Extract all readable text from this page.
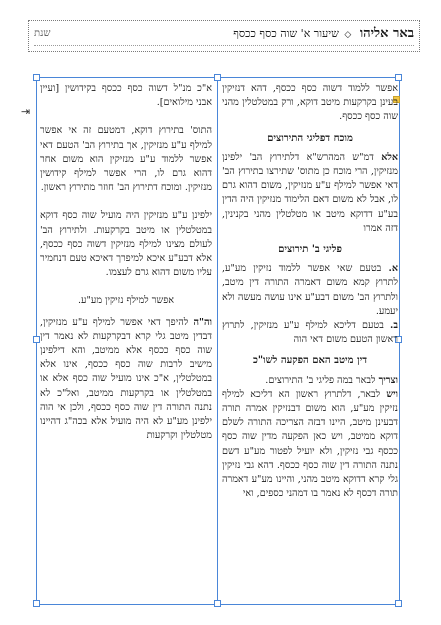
באר אליהו ◇ שיעור א' שוה כסף ככסף
שנת
⇥

אפשר ללמוד דשוה כסף ככסף, דהא דנזיקין בעינן בקרקעות מיטב דוקא, ורק במטלטלין מהני שוה כסף ככסף.

מוכח דפליגי התירוצים

אלא דמ"ש המהרש"א דלתירוץ הב' ילפינן מנזיקין, הרי מוכח כן מתוס' שתירצו בתירוץ הב' דאי אפשר למילף ע"ע מנזיקין, משום דהוא גרם לו, אבל לא משום דאם הלימוד מנזיקין היה הדין בע"ע דדוקא מיטב או מטלטלין מהני בקנינין, דזה אמרו

פליגי ב' תירוצים

א. בטעם שאי אפשר ללמוד נזיקין מע"ע, לתרוץ קמא משום דאמרה התורה דין מיטב, ולתרוץ הב' משום דבע"ע אינו עושה מעשה ולא יעמע.

ב. בטעם דליכא למילף ע"ע מנזיקין, לתרוץ ראשון הטעם משום דאי הוה

דין מיטב האם הפקעה לשו"כ

וצריך לבאר במה פליגי ב' התירוצים.

ויש לבאר, דלתרוץ ראשון הא דליכא למילף נזיקין מע"ע, הוא משום דבנזיקין אמרה תורה דבעינן מיטב, היינו דבזה הצריכה התורה לשלם דוקא ממיטב, ויש כאן הפקעה מדין שוה כסף ככסף גבי נזיקין, ולא יועיל לפטור מע"ע דשם נתנה התורה דין שוה כסף ככסף. דהא גבי נזיקין גלי קרא דדוקא מיטב מהני, והיינו מע"ע דאמרה תורה דכסף לא נאמר בו דמהני כספים, ואי

א"כ מנ"ל דשוה כסף ככסף בקידושין [ועיין אבני מילואים].

התוס' בתירוץ דוקא, דמטעם זה אי אפשר למילף ע"ע מנזיקין, אך בתירוץ הב' הטעם דאי אפשר ללמוד ע"ע מנזיקין הוא משום אחר דהוא גרם לו, הרי אפשר למילף קידושין מנזיקין. ומוכח דתירוץ הב' חוזר מתירוץ ראשון.

ילפינן ע"ע מנזיקין היה מועיל שוה כסף דוקא במטלטלין או מיטב בקרקעות. ולתירוץ הב' לעולם מצינו למילף מנזיקין דשוה כסף ככסף, אלא דבע"ע איכא למיפרך דאיכא טעם דנחמיר עליו משום דהוא גרם לעצמו.

אפשר למילף נזיקין מע"ע.

וה"ה להיפך דאי אפשר למילף ע"ע מנזיקין, דבדין מיטב גלי קרא דבקרקעות לא נאמר דין שוה כסף ככסף אלא ממיטב, והא דילפינן מישיב לרבות שוה כסף ככסף, אינו אלא במטלטלין, א"כ אינו מועיל שוה כסף אלא או במטלטלין או בקרקעות ממיטב, ואל"כ לא נתנה התורה דין שוה כסף ככסף, ולכן אי הוה ילפינן מע"ע לא היה מועיל אלא בכה"ג דהיינו מטלטלין וקרקעות
